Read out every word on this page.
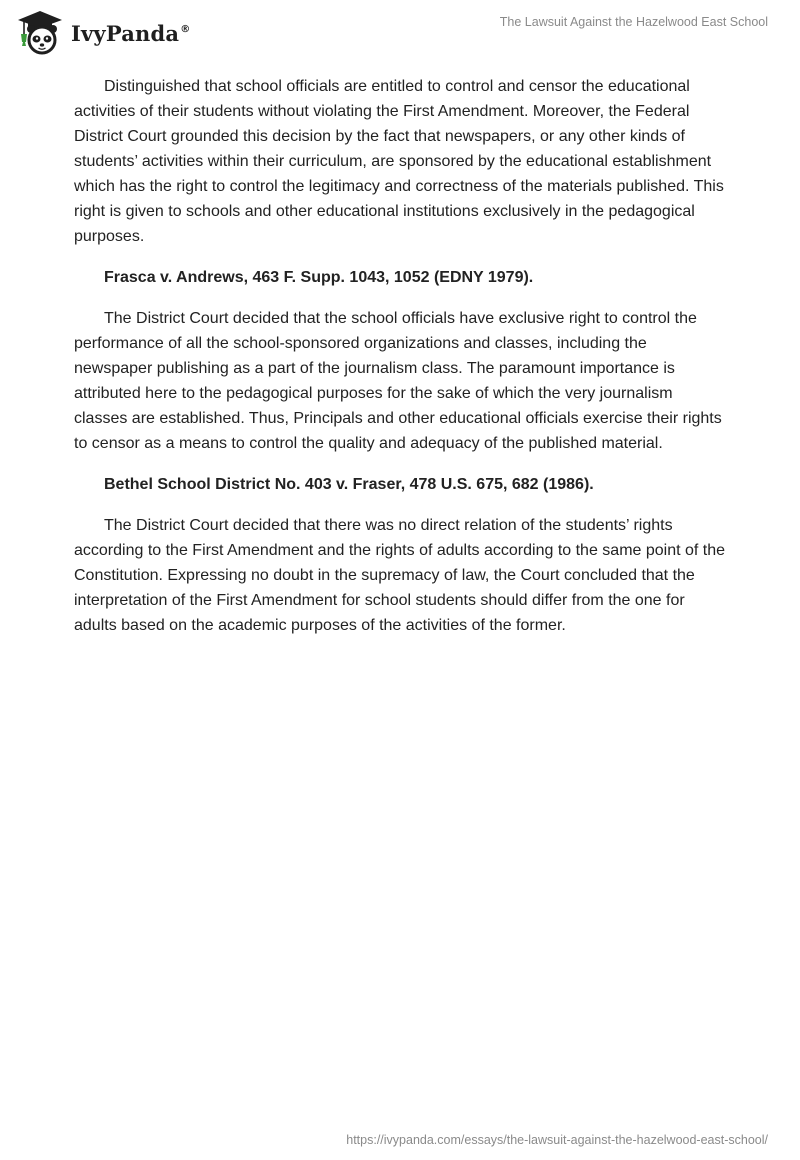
IvyPanda®	The Lawsuit Against the Hazelwood East School

Distinguished that school officials are entitled to control and censor the educational activities of their students without violating the First Amendment. Moreover, the Federal District Court grounded this decision by the fact that newspapers, or any other kinds of students’ activities within their curriculum, are sponsored by the educational establishment which has the right to control the legitimacy and correctness of the materials published. This right is given to schools and other educational institutions exclusively in the pedagogical purposes.

Frasca v. Andrews, 463 F. Supp. 1043, 1052 (EDNY 1979).

The District Court decided that the school officials have exclusive right to control the performance of all the school-sponsored organizations and classes, including the newspaper publishing as a part of the journalism class. The paramount importance is attributed here to the pedagogical purposes for the sake of which the very journalism classes are established. Thus, Principals and other educational officials exercise their rights to censor as a means to control the quality and adequacy of the published material.

Bethel School District No. 403 v. Fraser, 478 U.S. 675, 682 (1986).

The District Court decided that there was no direct relation of the students’ rights according to the First Amendment and the rights of adults according to the same point of the Constitution. Expressing no doubt in the supremacy of law, the Court concluded that the interpretation of the First Amendment for school students should differ from the one for adults based on the academic purposes of the activities of the former.

https://ivypanda.com/essays/the-lawsuit-against-the-hazelwood-east-school/
